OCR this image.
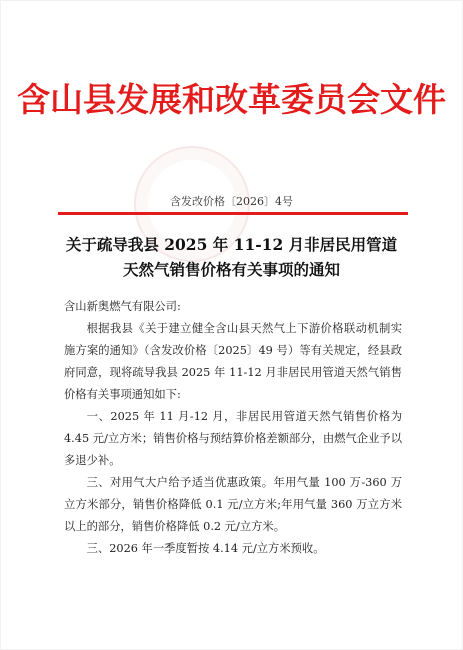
含山县发展和改革委员会文件
含发改价格〔2026〕4号
关于疏导我县 2025 年 11-12 月非居民用管道
天然气销售价格有关事项的通知

含山新奥燃气有限公司:

根据我县《关于建立健全含山县天然气上下游价格联动机制实施方案的通知》（含发改价格〔2025〕49 号）等有关规定，经县政府同意，现将疏导我县 2025 年 11-12 月非居民用管道天然气销售价格有关事项通知如下:

一、2025 年 11 月-12 月，非居民用管道天然气销售价格为 4.45 元/立方米；销售价格与预结算价格差额部分，由燃气企业予以多退少补。

三、对用气大户给予适当优惠政策。年用气量 100 万-360 万立方米部分，销售价格降低 0.1 元/立方米;年用气量 360 万立方米以上的部分，销售价格降低 0.2 元/立方米。

三、2026 年一季度暂按 4.14 元/立方米预收。
